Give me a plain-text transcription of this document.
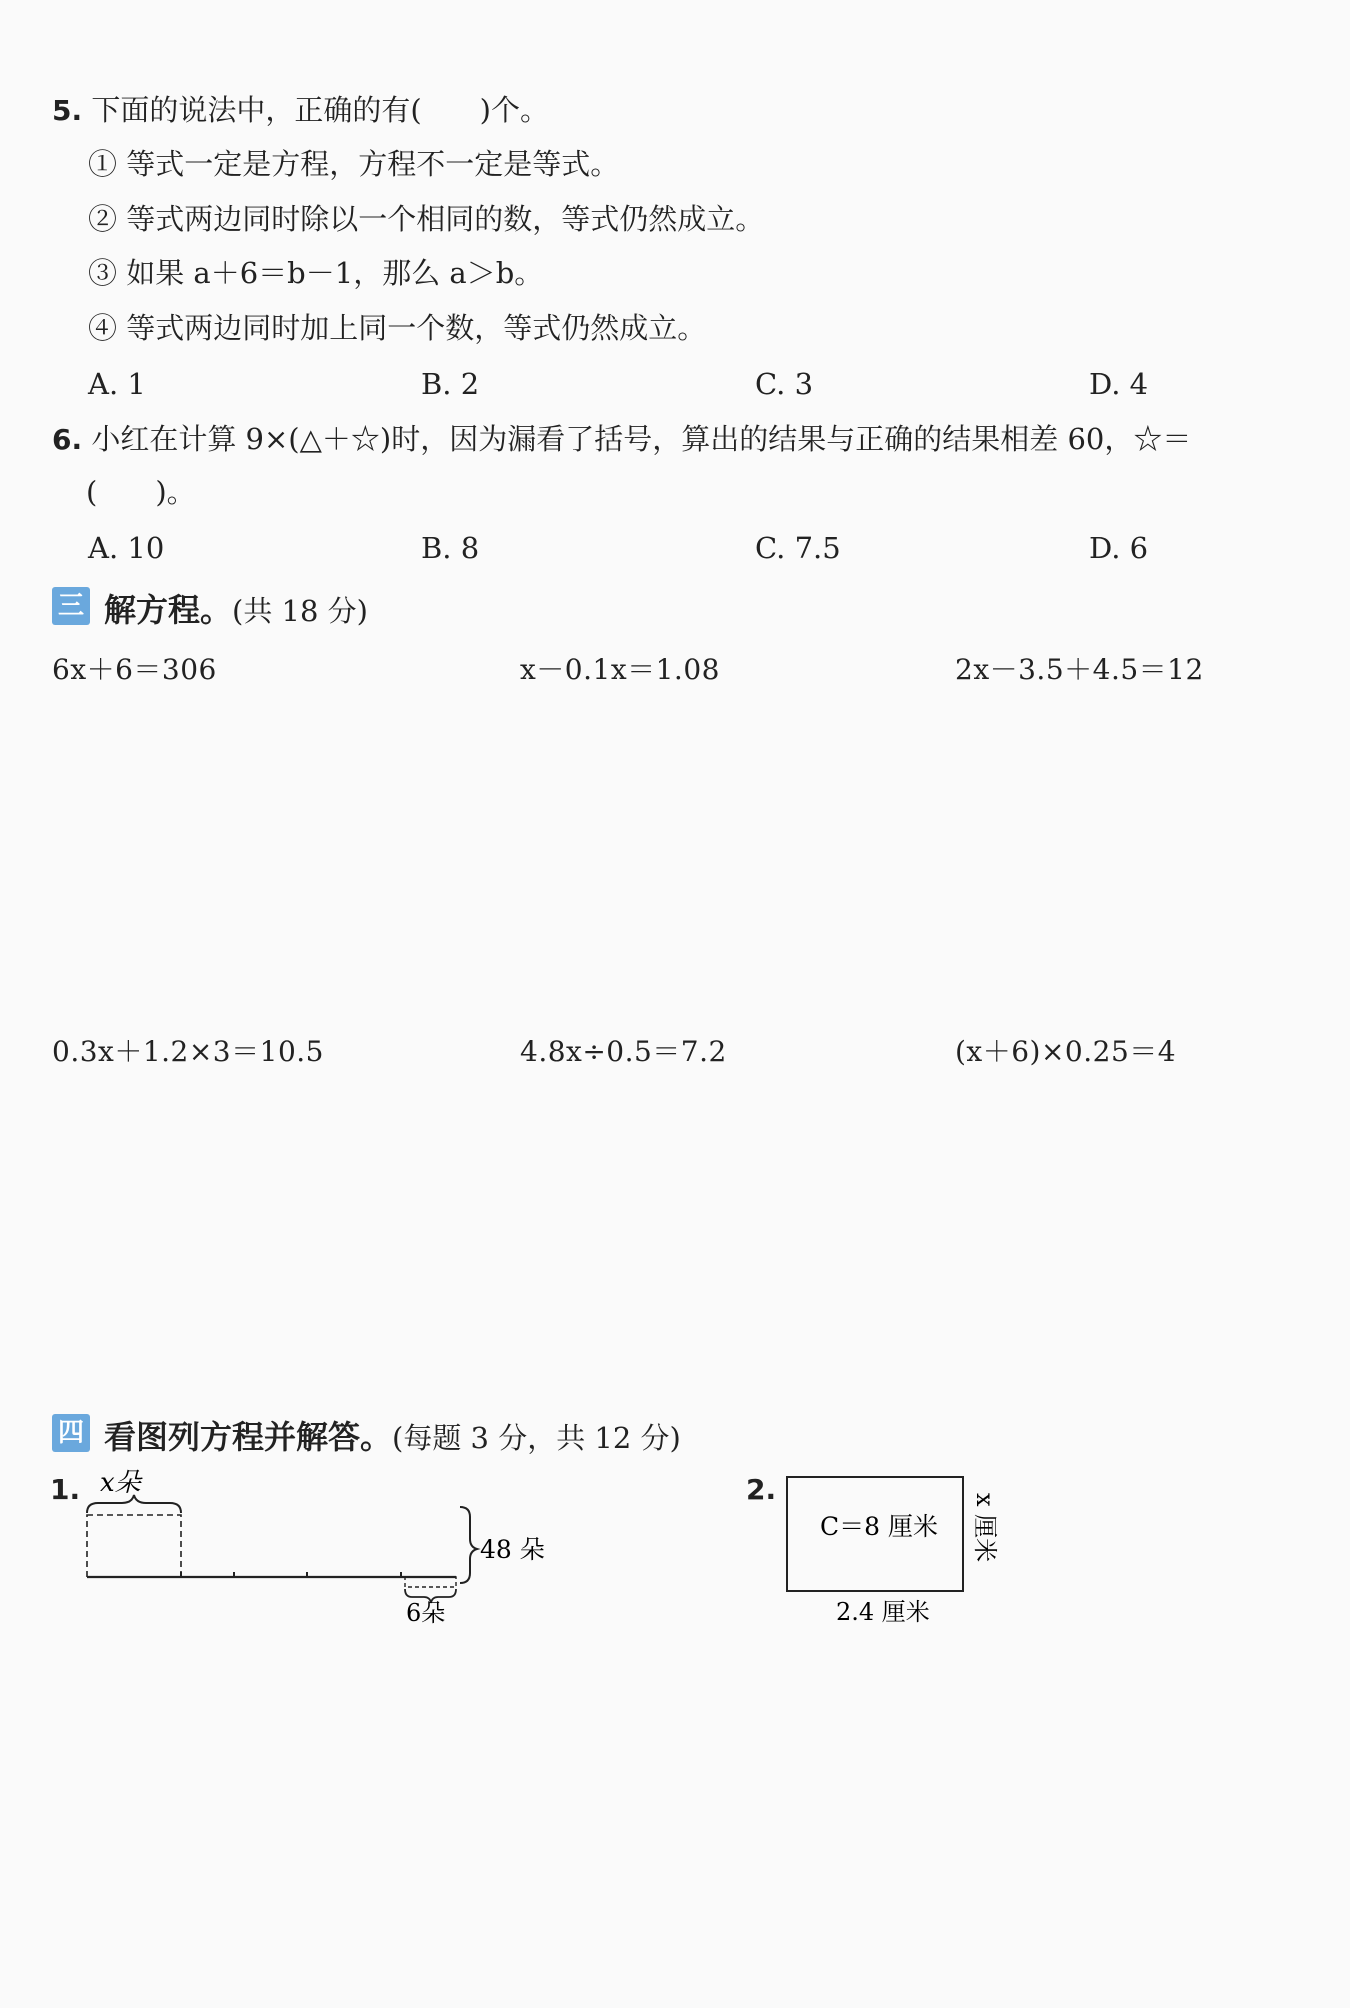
5. 下面的说法中，正确的有(　　)个。
① 等式一定是方程，方程不一定是等式。
② 等式两边同时除以一个相同的数，等式仍然成立。
③ 如果 a＋6＝b－1，那么 a＞b。
④ 等式两边同时加上同一个数，等式仍然成立。
A. 1	B. 2	C. 3	D. 4
6. 小红在计算 9×(△＋☆)时，因为漏看了括号，算出的结果与正确的结果相差 60，☆＝
(　　)。
A. 10	B. 8	C. 7.5	D. 6
三 解方程。(共 18 分)
6x＋6＝306	x－0.1x＝1.08	2x－3.5＋4.5＝12
0.3x＋1.2×3＝10.5	4.8x÷0.5＝7.2	(x＋6)×0.25＝4
四 看图列方程并解答。(每题 3 分，共 12 分)
1. x朵
6朵
48 朵
2.
C＝8 厘米 x 厘米
2.4 厘米
